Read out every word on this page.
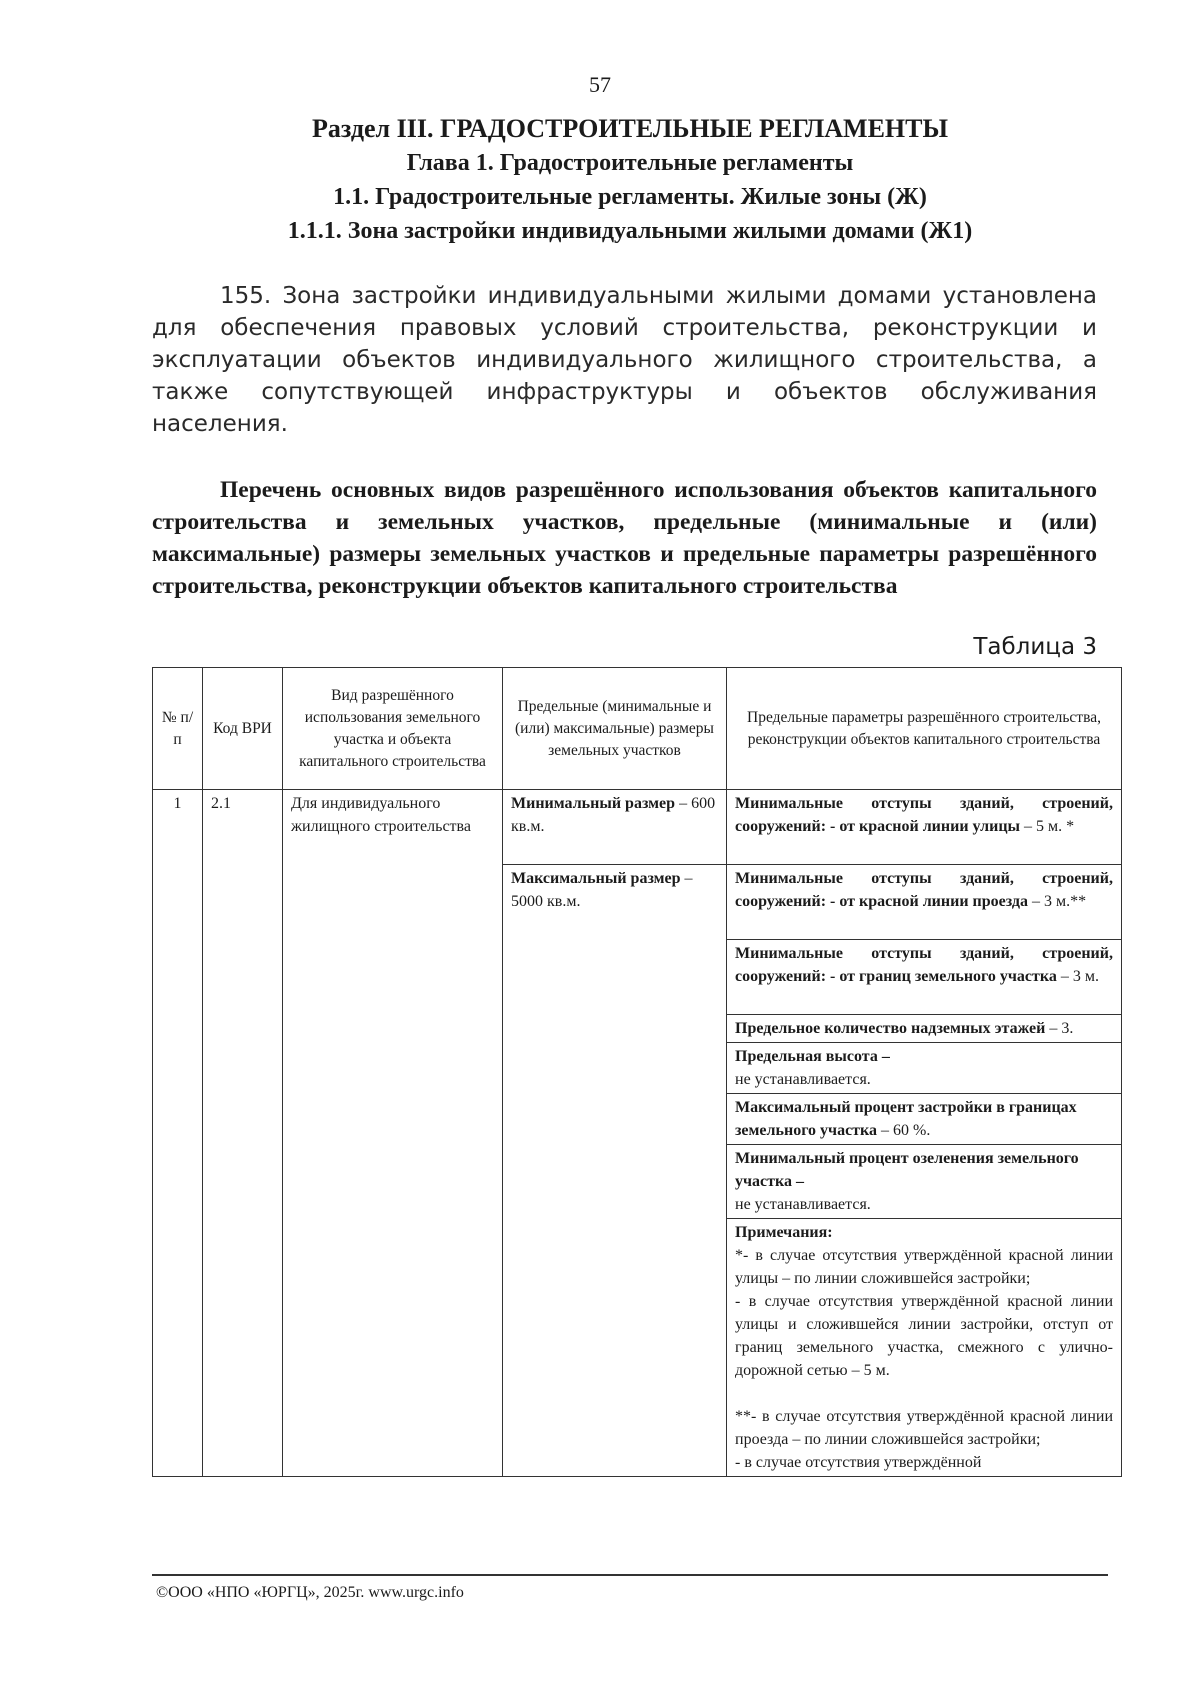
57
Раздел III. ГРАДОСТРОИТЕЛЬНЫЕ РЕГЛАМЕНТЫ
Глава 1. Градостроительные регламенты
1.1. Градостроительные регламенты. Жилые зоны (Ж)
1.1.1. Зона застройки индивидуальными жилыми домами (Ж1)
155. Зона застройки индивидуальными жилыми домами установлена для обеспечения правовых условий строительства, реконструкции и эксплуатации объектов индивидуального жилищного строительства, а также сопутствующей инфраструктуры и объектов обслуживания населения.
Перечень основных видов разрешённого использования объектов капитального строительства и земельных участков, предельные (минимальные и (или) максимальные) размеры земельных участков и предельные параметры разрешённого строительства, реконструкции объектов капитального строительства
Таблица 3
№ п/п	Код ВРИ	Вид разрешённого использования земельного участка и объекта капитального строительства	Предельные (минимальные и (или) максимальные) размеры земельных участков	Предельные параметры разрешённого строительства, реконструкции объектов капитального строительства
1	2.1	Для индивидуального жилищного строительства	Минимальный размер – 600 кв.м.	Минимальные отступы зданий, строений, сооружений: - от красной линии улицы – 5 м. *

			Максимальный размер – 5000 кв.м.	Минимальные отступы зданий, строений, сооружений: - от красной линии проезда – 3 м.**

				Минимальные отступы зданий, строений, сооружений: - от границ земельного участка – 3 м.

				Предельное количество надземных этажей – 3.

				Предельная высота –
не устанавливается.

				Максимальный процент застройки в границах земельного участка – 60 %.

				Минимальный процент озеленения земельного участка –
не устанавливается.

				Примечания:

*- в случае отсутствия утверждённой красной линии улицы – по линии сложившейся застройки;

- в случае отсутствия утверждённой красной линии улицы и сложившейся линии застройки, отступ от границ земельного участка, смежного с улично-дорожной сетью – 5 м.

**- в случае отсутствия утверждённой красной линии проезда – по линии сложившейся застройки;

- в случае отсутствия утверждённой

©ООО «НПО «ЮРГЦ», 2025г. www.urgc.info
